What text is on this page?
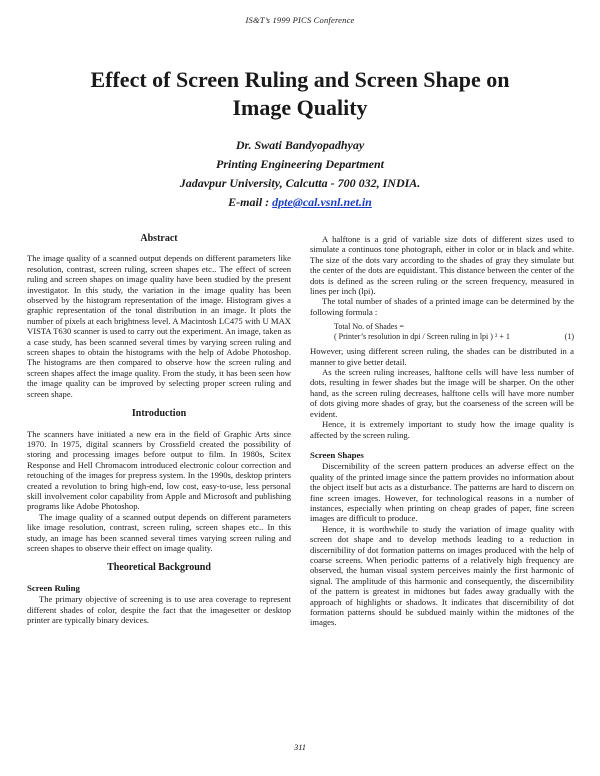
IS&T’s 1999 PICS Conference
Effect of Screen Ruling and Screen Shape on
Image Quality
Dr. Swati Bandyopadhyay
Printing Engineering Department
Jadavpur University, Calcutta - 700 032, INDIA.
E-mail : dpte@cal.vsnl.net.in
Abstract

The image quality of a scanned output depends on different parameters like resolution, contrast, screen ruling, screen shapes etc.. The effect of screen ruling and screen shapes on image quality have been studied by the present investigator. In this study, the variation in the image quality has been observed by the histogram representation of the image. Histogram gives a graphic representation of the tonal distribution in an image. It plots the number of pixels at each brightness level. A Macintosh LC475 with U MAX VISTA T630 scanner is used to carry out the experiment. An image, taken as a case study, has been scanned several times by varying screen ruling and screen shapes to obtain the histograms with the help of Adobe Photoshop. The histograms are then compared to observe how the screen ruling and screen shapes affect the image quality. From the study, it has been seen how the image quality can be improved by selecting proper screen ruling and screen shape.

Introduction

The scanners have initiated a new era in the field of Graphic Arts since 1970. In 1975, digital scanners by Crossfield created the possibility of storing and processing images before output to film. In 1980s, Scitex Response and Hell Chromacom introduced electronic colour correction and retouching of the images for prepress system. In the 1990s, desktop printers created a revolution to bring high-end, low cost, easy-to-use, less personal skill involvement color capability from Apple and Microsoft and publishing programs like Adobe Photoshop.

The image quality of a scanned output depends on different parameters like image resolution, contrast, screen ruling, screen shapes etc.. In this study, an image has been scanned several times varying screen ruling and screen shapes to observe their effect on image quality.

Theoretical Background
Screen Ruling

The primary objective of screening is to use area coverage to represent different shades of color, despite the fact that the imagesetter or desktop printer are typically binary devices.

A halftone is a grid of variable size dots of different sizes used to simulate a continuos tone photograph, either in color or in black and white. The size of the dots vary according to the shades of gray they simulate but the center of the dots are equidistant. This distance between the center of the dots is defined as the screen ruling or the screen frequency, measured in lines per inch (lpi).

The total number of shades of a printed image can be determined by the following formula :

Total No. of Shades =
( Printer’s resolution in dpi / Screen ruling in lpi ) ² + 1	(1)

However, using different screen ruling, the shades can be distributed in a manner to give better detail.

As the screen ruling increases, halftone cells will have less number of dots, resulting in fewer shades but the image will be sharper. On the other hand, as the screen ruling decreases, halftone cells will have more number of dots giving more shades of gray, but the coarseness of the screen will be evident.

Hence, it is extremely important to study how the image quality is affected by the screen ruling.

Screen Shapes

Discernibility of the screen pattern produces an adverse effect on the quality of the printed image since the pattern provides no information about the object itself but acts as a disturbance. The patterns are hard to discern on fine screen images. However, for technological reasons in a number of instances, especially when printing on cheap grades of paper, fine screen images are difficult to produce.

Hence, it is worthwhile to study the variation of image quality with screen dot shape and to develop methods leading to a reduction in discernibility of dot formation patterns on images produced with the help of coarse screens. When periodic patterns of a relatively high frequency are observed, the human visual system perceives mainly the first harmonic of signal. The amplitude of this harmonic and consequently, the discernibility of the pattern is greatest in midtones but fades away gradually with the approach of highlights or shadows. It indicates that discernibility of dot formation patterns should be subdued mainly within the midtones of the images.

311
